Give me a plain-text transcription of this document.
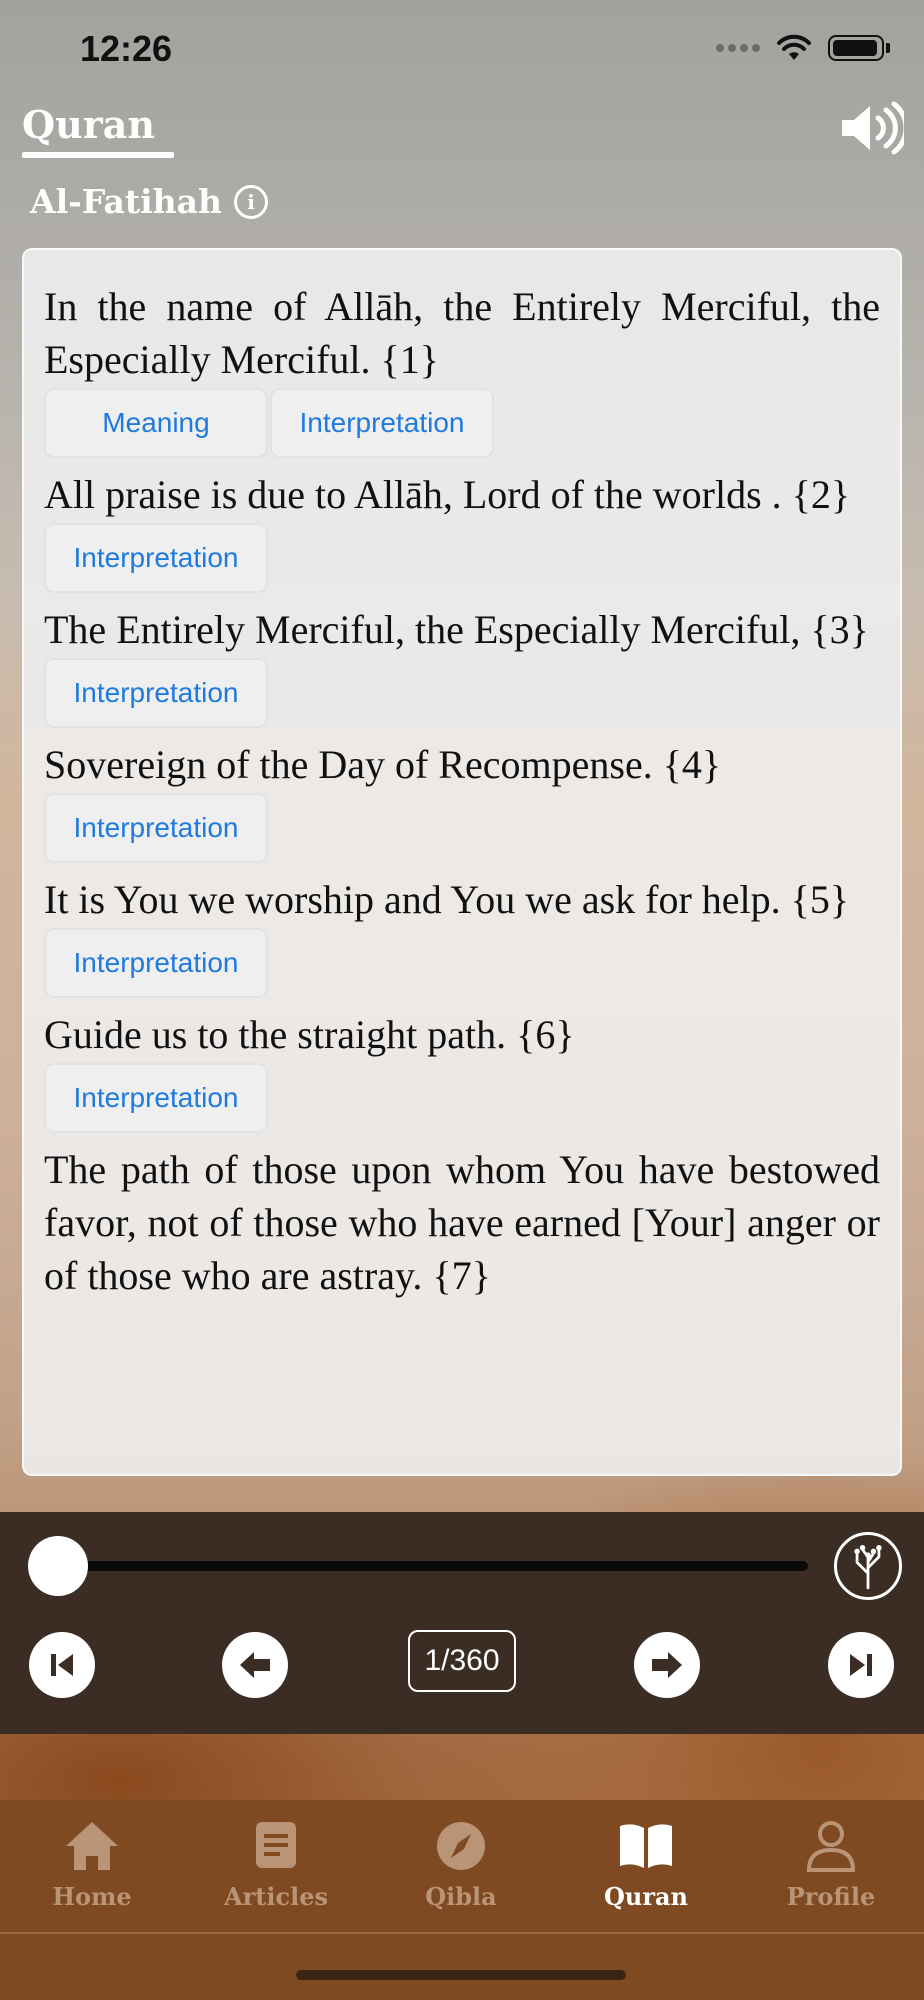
12:26
Quran
Al-Fatihah	i

In the name of Allāh, the Entirely Merciful, the Especially Merciful. {1}

Meaning	Interpretation

All praise is due to Allāh, Lord of the worlds . {2}

Interpretation

The Entirely Merciful, the Especially Merciful, {3}

Interpretation

Sovereign of the Day of Recompense. {4}

Interpretation

It is You we worship and You we ask for help. {5}

Interpretation

Guide us to the straight path. {6}

Interpretation

The path of those upon whom You have bestowed favor, not of those who have earned [Your] anger or of those who are astray. {7}

1/360
Home	Articles	Qibla	Quran	Profile
